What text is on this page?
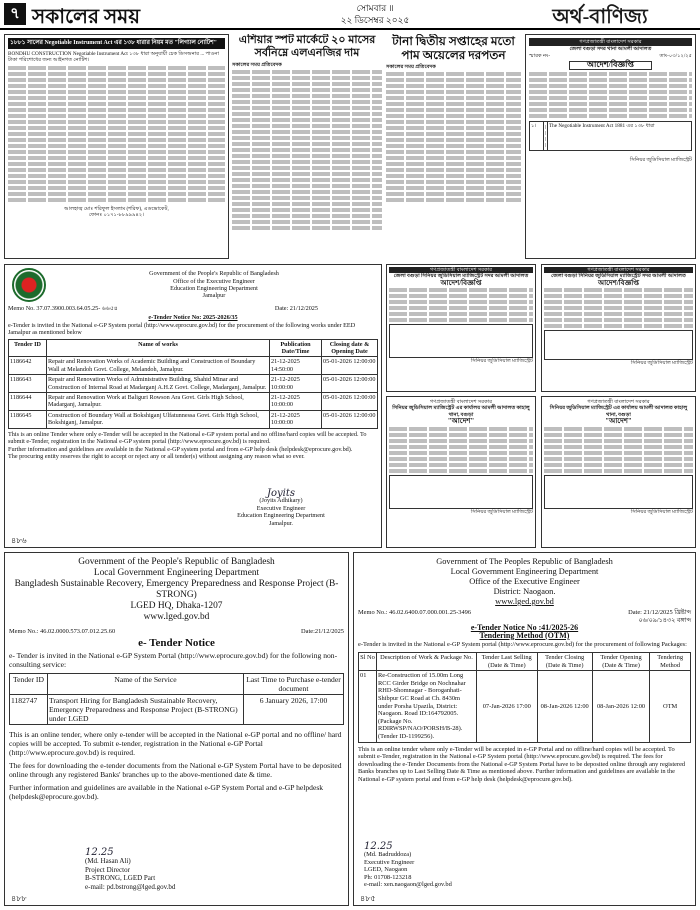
৭ সকালের সময়	সোমবার ॥
২২ ডিসেম্বর ২০২৫	অর্থ-বাণিজ্য
১৮৮১ সালের Negotiable Instrument Act এর ১৩৮ ধারার নিয়ম মত "লিগ্যাল নোটিশ"
BONDHU CONSTRUCTION Negotiable Instrument Act ১৩৮ ধারা অনুযায়ী চেক ডিসঅনার ... পাওনা টাকা পরিশোধের জন্য আইনগত নোটিশ।
আলহাজ্ব মোঃ শরিফুল ইসলাম (শরিফ), এডভোকেট,
ফোনঃ ০১৭১-৮৮৯৯৯৪২।
এশিয়ার স্পট মার্কেটে ২০ মাসের সর্বনিম্নে এলএনজির দাম
সকালের সময় প্রতিবেদক
টানা দ্বিতীয় সপ্তাহের মতো পাম অয়েলের দরপতন
সকালের সময় প্রতিবেদক
গণপ্রজাতন্ত্রী বাংলাদেশ সরকার
জেলা বগুড়া সদর থানা আমলী আদালত
স্মারক নং-	তাং-০৩/১২/২৫
আদেশ/বিজ্ঞপ্তি
১।		The Negotiable Instrument Act 1881 এর ১৩৮ ধারা
সিনিয়র জুডিসিয়াল ম্যাজিস্ট্রেট
গণপ্রজাতন্ত্রী বাংলাদেশ সরকার
জেলা বগুড়া সিনিয়র জুডিসিয়াল ম্যাজিস্ট্রেট সদর আমলী আদালত
আদেশ/বিজ্ঞপ্তি
সিনিয়র জুডিসিয়াল ম্যাজিস্ট্রেট
গণপ্রজাতন্ত্রী বাংলাদেশ সরকার
জেলা বগুড়া সিনিয়র জুডিসিয়াল ম্যাজিস্ট্রেট সদর আমলী আদালত
আদেশ/বিজ্ঞপ্তি
সিনিয়র জুডিসিয়াল ম্যাজিস্ট্রেট
গণপ্রজাতন্ত্রী বাংলাদেশ সরকার
সিনিয়র জুডিসিয়াল ম্যাজিস্ট্রেট এর কার্যালয় আমলী আদালত কাহালু থানা, বগুড়া
"আদেশ"
সিনিয়র জুডিসিয়াল ম্যাজিস্ট্রেট
গণপ্রজাতন্ত্রী বাংলাদেশ সরকার
সিনিয়র জুডিসিয়াল ম্যাজিস্ট্রেট এর কার্যালয় আমলী আদালত কাহালু থানা, বগুড়া
"আদেশ"
সিনিয়র জুডিসিয়াল ম্যাজিস্ট্রেট
Government of the People's Republic of Bangladesh
Office of the Executive Engineer
Education Engineering Department
Jamalpur
Memo No. 37.07.3900.003.64.05.25- ৬৬৫৪	Date: 21/12/2025
e-Tender Notice No: 2025-2026/35
e-Tender is invited in the National e-GP System portal (http://www.eprocure.gov.bd) for the procurement of the following works under EED Jamalpur as mentioned below
Tender ID	Name of works	Publication Date/Time	Closing date & Opening Date
1186642	Repair and Renovation Works of Academic Building and Construction of Boundary Wall at Melandoh Govt. College, Melandoh, Jamalpur.	21-12-2025 14:50:00	05-01-2026 12:00:00
1186643	Repair and Renovation Works of Administrative Building, Shahid Minar and Construction of Internal Road at Madarganj A.H.Z Govt. College, Madarganj, Jamalpur.	21-12-2025 10:00:00	05-01-2026 12:00:00
1186644	Repair and Renovation Work at Baliguri Rowson Ara Govt. Girls High School, Madarganj, Jamalpur.	21-12-2025 10:00:00	05-01-2026 12:00:00
1186645	Construction of Boundary Wall at Bokshiganj Ulfatunnessa Govt. Girls High School, Bokshiganj, Jamalpur.	21-12-2025 10:00:00	05-01-2026 12:00:00
This is an online Tender where only e-Tender will be accepted in the National e-GP system portal and no offline/hard copies will be accepted. To submit e-Tender, registration in the National e-GP system portal (http://www.eprocure.gov.bd) is required.
Further information and guidelines are available in the National e-GP system portal and from e-GP help desk (helpdesk@eprocure.gov.bd).
The procuring entity reserves the right to accept or reject any or all tender(s) without assigning any reason what so ever.
Joyits
(Joyits Adhikary)
Executive Engineer
Education Engineering Department
Jamalpur.
৪৮৬
Government of the People's Republic of Bangladesh
Local Government Engineering Department
Bangladesh Sustainable Recovery, Emergency Preparedness and Response Project (B-STRONG)
LGED HQ, Dhaka-1207
www.lged.gov.bd
Memo No.: 46.02.0000.573.07.012.25.60	Date:21/12/2025
e- Tender Notice
e- Tender is invited in the National e-GP System Portal (http://www.eprocure.gov.bd) for the following non-consulting service:
Tender ID	Name of the Service	Last Time to Purchase e-tender document
1182747	Transport Hiring for Bangladesh Sustainable Recovery, Emergency Preparedness and Response Project (B-STRONG) under LGED	6 January 2026, 17:00
This is an online tender, where only e-tender will be accepted in the National e-GP portal and no offline/ hard copies will be accepted. To submit e-tender, registration in the National e-GP Portal (http://www.eprocure.gov.bd) is required.
The fees for downloading the e-tender documents from the National e-GP System Portal have to be deposited online through any registered Banks' branches up to the above-mentioned date & time.
Further information and guidelines are available in the National e-GP System Portal and e-GP helpdesk (helpdesk@eprocure.gov.bd).
12.25
(Md. Hasan Ali)
Project Director
B-STRONG, LGED Part
e-mail: pd.bstrong@lged.gov.bd
৪৮৮
Government of The Peoples Republic of Bangladesh
Local Government Engineering Department
Office of the Executive Engineer
District: Naogaon.
www.lged.gov.bd
Memo No.: 46.02.6400.07.000.001.25-3496	Date: 21/12/2025 খ্রিষ্টাব্দ
০৬/০৯/১৪৩২ বঙ্গাব্দ
e-Tender Notice No :41/2025-26
Tendering Method (OTM)
e-Tender is invited in the National e-GP System portal (http://www.eprocure.gov.bd) for the procurement of following Packages:
Sl No	Description of Work & Package No.	Tender Last Selling (Date & Time)	Tender Closing (Date & Time)	Tender Opening (Date & Time)	Tendering Method
01	Re-Construction of 15.00m Long RCC Girder Bridge on Nochnahar RHD-Shomnagar - Boroganhati-Shibpur GC Road at Ch. 8430m under Porsha Upazila, District: Naogaon. Road ID:164792005. (Package No. RDIRWSP/NAO/PORSH/B-28). (Tender ID-1199256).	07-Jan-2026 17:00	08-Jan-2026 12:00	08-Jan-2026 12:00	OTM
This is an online tender where only e-Tender will be accepted in e-GP Portal and no offline/hard copies will be accepted. To submit e-Tender, registration in the National e-GP System portal (http://www.eprocure.gov.bd) is required. The fees for downloading the e-Tender Documents from the National e-GP System Portal have to be deposited online through any registered Banks branches up to Last Selling Date & Time as mentioned above. Further information and guidelines are available in the National e-GP system portal and from e-GP help desk (helpdesk@eprocure.gov.bd).
12.25
(Md. Badruddoza)
Executive Engineer
LGED, Naogaon
Ph: 01708-123218
e-mail: xen.naogaon@lged.gov.bd
৪৮৫
